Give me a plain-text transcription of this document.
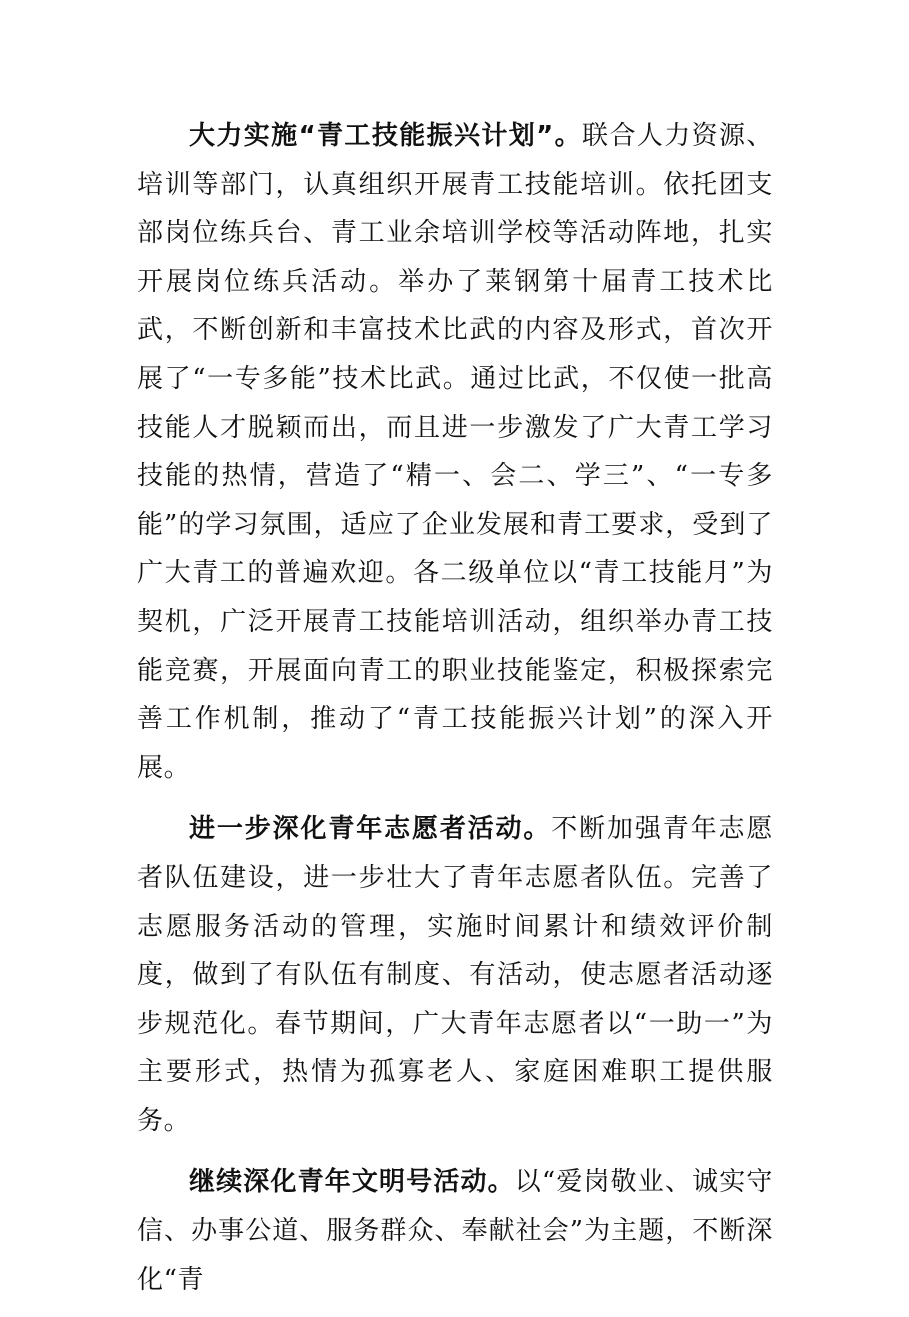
大力实施“青工技能振兴计划”。联合人力资源、培训等部门，认真组织开展青工技能培训。依托团支部岗位练兵台、青工业余培训学校等活动阵地，扎实开展岗位练兵活动。举办了莱钢第十届青工技术比武，不断创新和丰富技术比武的内容及形式，首次开展了“一专多能”技术比武。通过比武，不仅使一批高技能人才脱颖而出，而且进一步激发了广大青工学习技能的热情，营造了“精一、会二、学三”、“一专多能”的学习氛围，适应了企业发展和青工要求，受到了广大青工的普遍欢迎。各二级单位以“青工技能月”为契机，广泛开展青工技能培训活动，组织举办青工技能竞赛，开展面向青工的职业技能鉴定，积极探索完善工作机制，推动了“青工技能振兴计划”的深入开展。

进一步深化青年志愿者活动。不断加强青年志愿者队伍建设，进一步壮大了青年志愿者队伍。完善了志愿服务活动的管理，实施时间累计和绩效评价制度，做到了有队伍有制度、有活动，使志愿者活动逐步规范化。春节期间，广大青年志愿者以“一助一”为主要形式，热情为孤寡老人、家庭困难职工提供服务。

继续深化青年文明号活动。以“爱岗敬业、诚实守信、办事公道、服务群众、奉献社会”为主题，不断深化“青
